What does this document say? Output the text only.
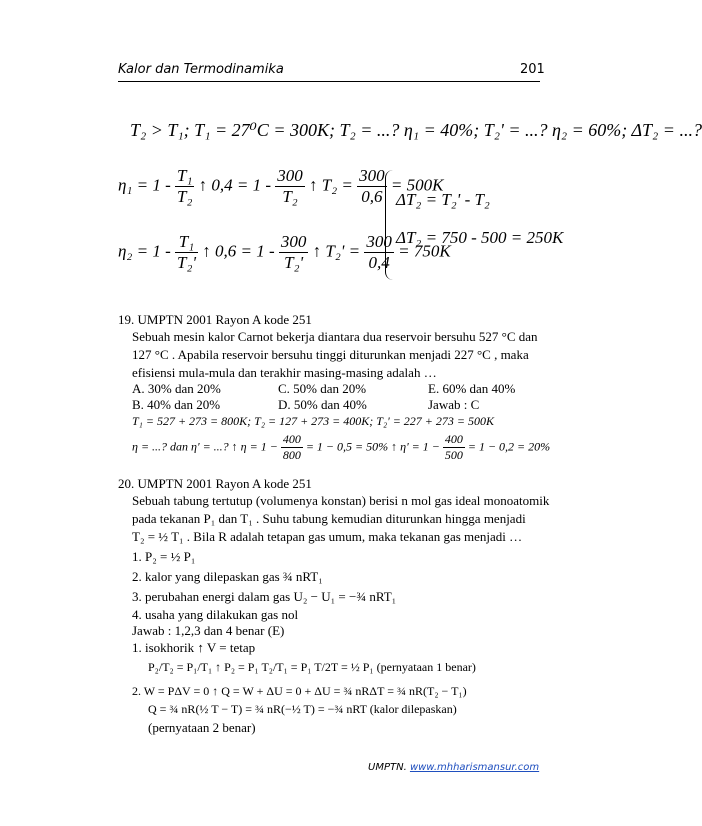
Kalor dan Termodinamika	201
T₂ > T₁; T₁ = 27⁰C = 300K; T₂ = ...? η₁ = 40%; T₂' = ...? η₂ = 60%; ΔT₂ = ...?
$\eta_1 = 1 - \frac{\text{T₁}}{\text{T₂}}$ ↑ $0,4 = 1 - \frac{300}{\text{T₂}}$ ↑ $T_2 = \frac{300}{0,6} = 500K$
$\eta_2 = 1 - \frac{\text{T₁}}{\text{T₂'}}$ ↑ $0,6 = 1 - \frac{300}{\text{T₂'}}$ ↑ $T_2' = \frac{300}{0,4} = 750K$
ΔT₂ = T₂' - T₂
ΔT₂ = 750 - 500 = 250K
19. UMPTN 2001 Rayon A kode 251
Sebuah mesin kalor Carnot bekerja diantara dua reservoir bersuhu 527 °C dan
127 °C . Apabila reservoir bersuhu tinggi diturunkan menjadi 227 °C , maka
efisiensi mula-mula dan terakhir masing-masing adalah …
A. 30% dan 20%
B. 40% dan 20%
C. 50% dan 20%
D. 50% dan 40%
E. 60% dan 40%
Jawab : C
T₁ = 527 + 273 = 800K; T₂ = 127 + 273 = 400K; T₂' = 227 + 273 = 500K
η = ...? dan η' = ...? ↑ $\eta = 1 - \frac{400}{800} = 1 - 0,5 = 50\%$ ↑ $\eta' = 1 - \frac{400}{500} = 1 - 0,2 = 20\%$
20. UMPTN 2001 Rayon A kode 251
Sebuah tabung tertutup (volumenya konstan) berisi n mol gas ideal monoatomik
pada tekanan P₁ dan T₁ . Suhu tabung kemudian diturunkan hingga menjadi
T₂ = ½ T₁ . Bila R adalah tetapan gas umum, maka tekanan gas menjadi …
1. P₂ = ½ P₁
2. kalor yang dilepaskan gas ¾ nRT₁
3. perubahan energi dalam gas U₂ − U₁ = −¾ nRT₁
4. usaha yang dilakukan gas nol
Jawab : 1,2,3 dan 4 benar (E)
1. isokhorik ↑ V = tetap
P₂/T₂ = P₁/T₁ ↑ P₂ = P₁ T₂/T₁ = P₁ T/2T = ½ P₁ (pernyataan 1 benar)
2. W = PΔV = 0 ↑ Q = W + ΔU = 0 + ΔU = ¾ nRΔT = ¾ nR(T₂ − T₁)
Q = ¾ nR(½ T − T) = ¾ nR(−½ T) = −¾ nRT (kalor dilepaskan)
(pernyataan 2 benar)
UMPTN. www.mhharismansur.com
